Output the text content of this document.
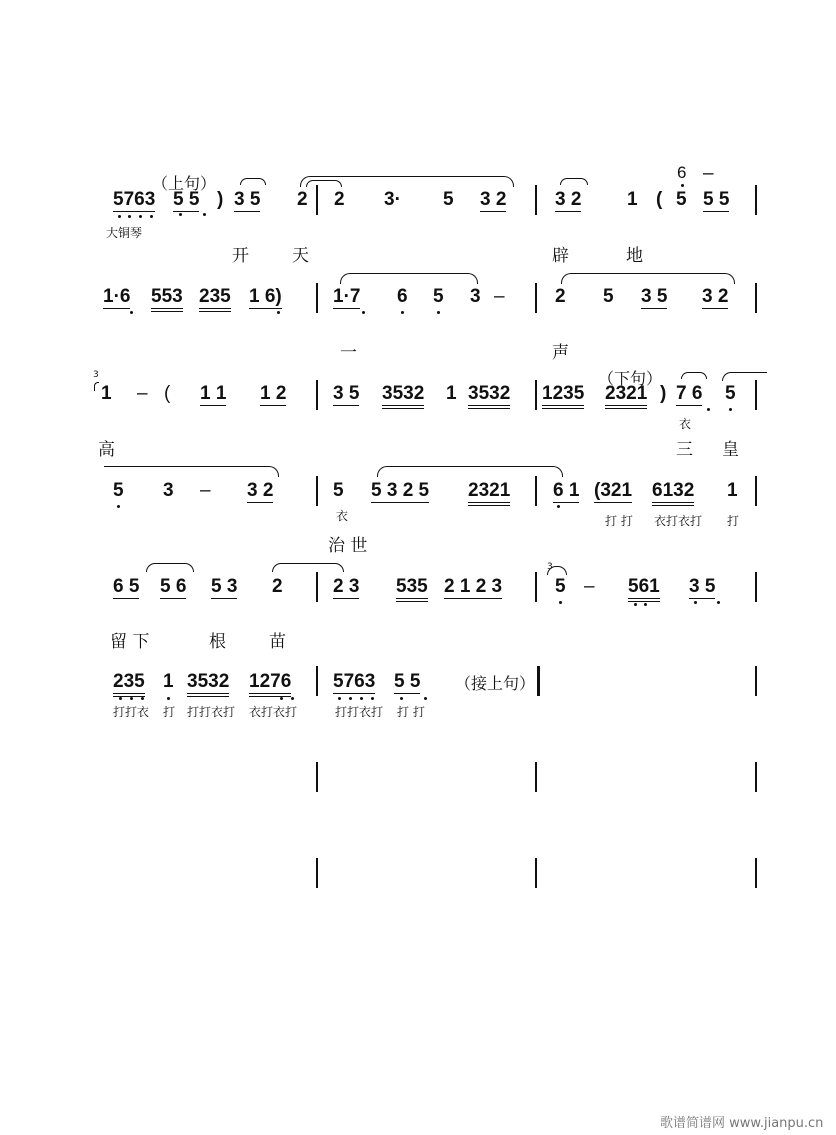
（上句）
5763
大铜琴
5 5 ) 3 5 2 2 3· 5 3 2	3 2 1 ( 5 5 5
6 –
开	天	辟	地
1·6 553 235 1 6)	1·7 6 5 3 –	2 5 3 5 3 2
一	声
3
1 – ( 1 1 1 2 3 5 3532 1 3532
（下句）
1235 2321 ) 7 6
衣
5
高	三 皇
5 3 – 3 2	5
衣
5 3 2 5 2321 6 1 (321 6132 1
打 打 衣打衣打 打
治 世
6 5 5 6 5 3 2	2 3 535 2 1 2 3
3
5 – 561 3 5
留 下	根	苗
235 1 3532 1276 5763 5 5 （接上句）
打打衣 打 打打衣打 衣打衣打	打打衣打 打 打
歌谱简谱网 www.jianpu.cn
